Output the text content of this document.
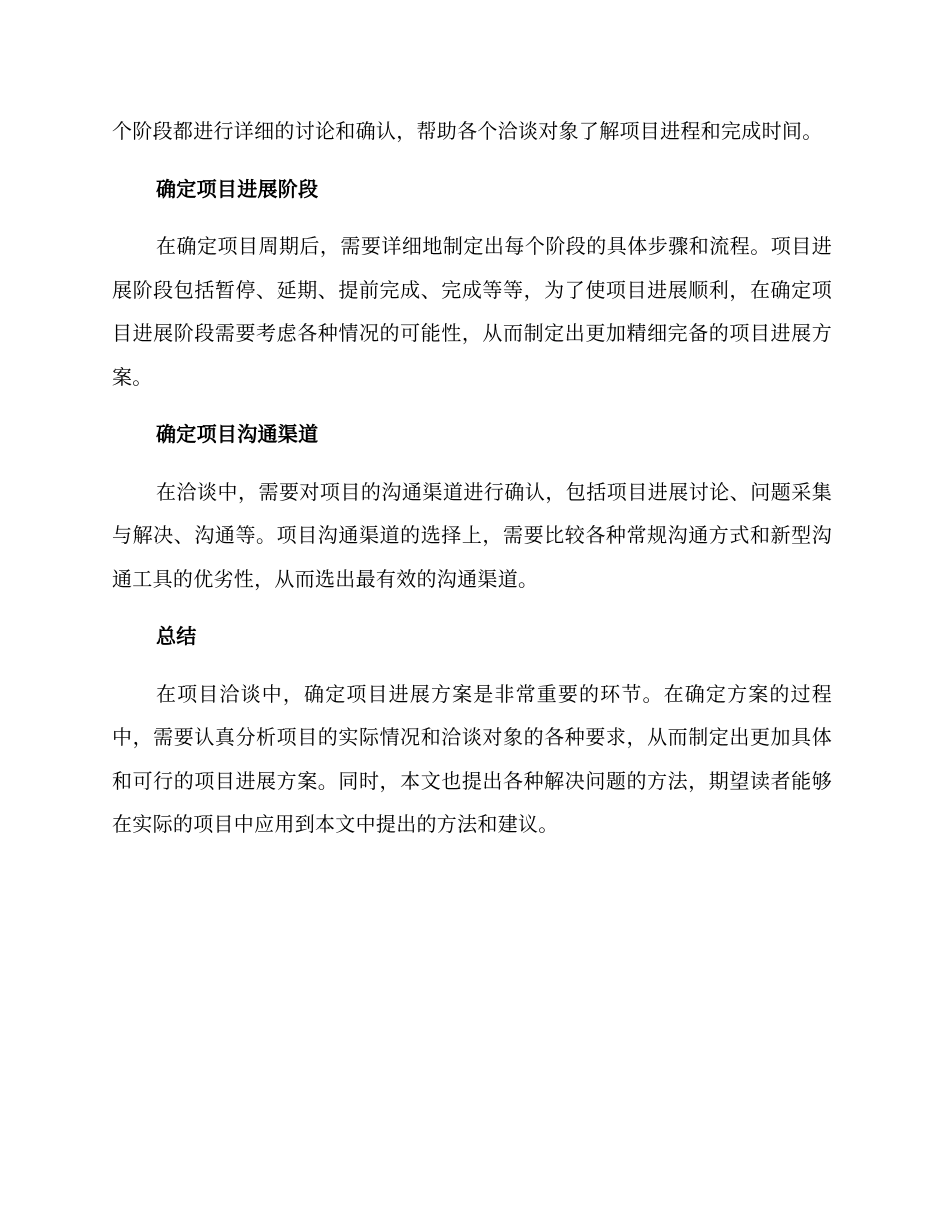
个阶段都进行详细的讨论和确认，帮助各个洽谈对象了解项目进程和完成时间。

确定项目进展阶段

在确定项目周期后，需要详细地制定出每个阶段的具体步骤和流程。项目进展阶段包括暂停、延期、提前完成、完成等等，为了使项目进展顺利，在确定项目进展阶段需要考虑各种情况的可能性，从而制定出更加精细完备的项目进展方案。

确定项目沟通渠道

在洽谈中，需要对项目的沟通渠道进行确认，包括项目进展讨论、问题采集与解决、沟通等。项目沟通渠道的选择上，需要比较各种常规沟通方式和新型沟通工具的优劣性，从而选出最有效的沟通渠道。

总结

在项目洽谈中，确定项目进展方案是非常重要的环节。在确定方案的过程中，需要认真分析项目的实际情况和洽谈对象的各种要求，从而制定出更加具体和可行的项目进展方案。同时，本文也提出各种解决问题的方法，期望读者能够在实际的项目中应用到本文中提出的方法和建议。
